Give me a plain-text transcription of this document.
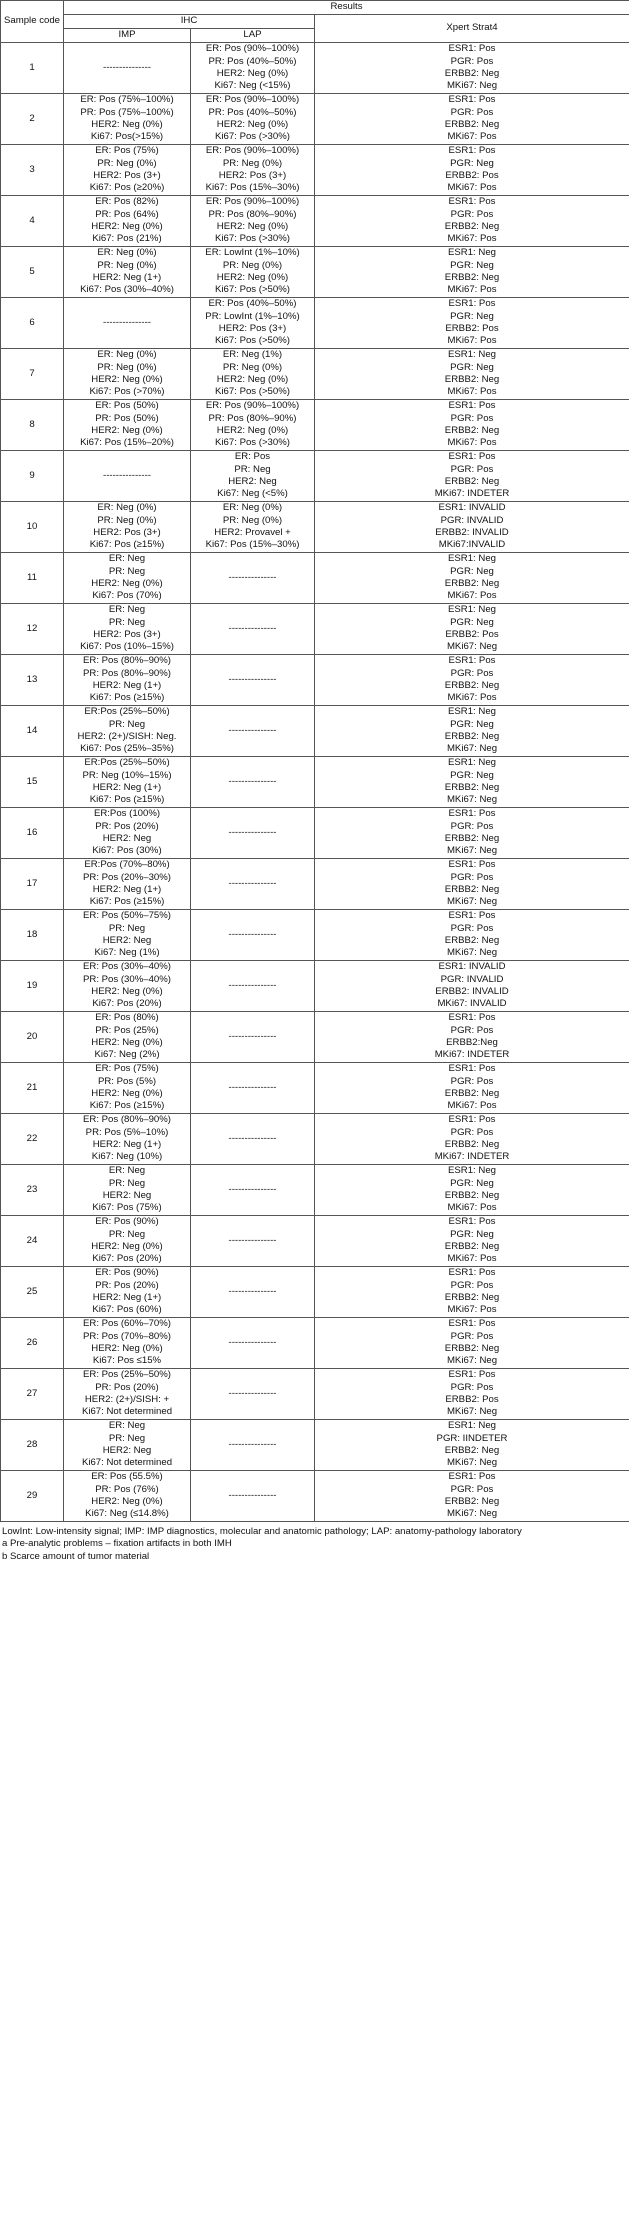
Sample code	Results		
	IHC		Xpert Strat4
	IMP	LAP	
1	---------------	ER: Pos (90%–100%)
PR: Pos (40%–50%)
HER2: Neg (0%)
Ki67: Neg (<15%)	ESR1: Pos
PGR: Pos
ERBB2: Neg
MKi67: Neg

2	ER: Pos (75%–100%)
PR: Pos (75%–100%)
HER2: Neg (0%)
Ki67: Pos(>15%)	ER: Pos (90%–100%)
PR: Pos (40%–50%)
HER2: Neg (0%)
Ki67: Pos (>30%)	ESR1: Pos
PGR: Pos
ERBB2: Neg
MKi67: Pos

3	ER: Pos (75%)
PR: Neg (0%)
HER2: Pos (3+)
Ki67: Pos (≥20%)	ER: Pos (90%–100%)
PR: Neg (0%)
HER2: Pos (3+)
Ki67: Pos (15%–30%)	ESR1: Pos
PGR: Neg
ERBB2: Pos
MKi67: Pos

4	ER: Pos (82%)
PR: Pos (64%)
HER2: Neg (0%)
Ki67: Pos (21%)	ER: Pos (90%–100%)
PR: Pos (80%–90%)
HER2: Neg (0%)
Ki67: Pos (>30%)	ESR1: Pos
PGR: Pos
ERBB2: Neg
MKi67: Pos

5	ER: Neg (0%)
PR: Neg (0%)
HER2: Neg (1+)
Ki67: Pos (30%–40%)	ER: LowInt (1%–10%)
PR: Neg (0%)
HER2: Neg (0%)
Ki67: Pos (>50%)	ESR1: Neg
PGR: Neg
ERBB2: Neg
MKi67: Pos

6	---------------	ER: Pos (40%–50%)
PR: LowInt (1%–10%)
HER2: Pos (3+)
Ki67: Pos (>50%)	ESR1: Pos
PGR: Neg
ERBB2: Pos
MKi67: Pos

7	ER: Neg (0%)
PR: Neg (0%)
HER2: Neg (0%)
Ki67: Pos (>70%)	ER: Neg (1%)
PR: Neg (0%)
HER2: Neg (0%)
Ki67: Pos (>50%)	ESR1: Neg
PGR: Neg
ERBB2: Neg
MKi67: Pos

8	ER: Pos (50%)
PR: Pos (50%)
HER2: Neg (0%)
Ki67: Pos (15%–20%)	ER: Pos (90%–100%)
PR: Pos (80%–90%)
HER2: Neg (0%)
Ki67: Pos (>30%)	ESR1: Pos
PGR: Pos
ERBB2: Neg
MKi67: Pos

9	---------------	ER: Pos
PR: Neg
HER2: Neg
Ki67: Neg (<5%)	ESR1: Pos
PGR: Pos
ERBB2: Neg
MKi67: INDETER

10	ER: Neg (0%)
PR: Neg (0%)
HER2: Pos (3+)
Ki67: Pos (≥15%)	ER: Neg (0%)
PR: Neg (0%)
HER2: Provavel +
Ki67: Pos (15%–30%)	ESR1: INVALID
PGR: INVALID
ERBB2: INVALID
MKi67:INVALID

11	ER: Neg
PR: Neg
HER2: Neg (0%)
Ki67: Pos (70%)	---------------	ESR1: Neg
PGR: Neg
ERBB2: Neg
MKi67: Pos

12	ER: Neg
PR: Neg
HER2: Pos (3+)
Ki67: Pos (10%–15%)	---------------	ESR1: Neg
PGR: Neg
ERBB2: Pos
MKi67: Neg

13	ER: Pos (80%–90%)
PR: Pos (80%–90%)
HER2: Neg (1+)
Ki67: Pos (≥15%)	---------------	ESR1: Pos
PGR: Pos
ERBB2: Neg
MKi67: Pos

14	ER:Pos (25%–50%)
PR: Neg
HER2: (2+)/SISH: Neg.
Ki67: Pos (25%–35%)	---------------	ESR1: Neg
PGR: Neg
ERBB2: Neg
MKi67: Neg

15	ER:Pos (25%–50%)
PR: Neg (10%–15%)
HER2: Neg (1+)
Ki67: Pos (≥15%)	---------------	ESR1: Neg
PGR: Neg
ERBB2: Neg
MKi67: Neg

16	ER:Pos (100%)
PR: Pos (20%)
HER2: Neg
Ki67: Pos (30%)	---------------	ESR1: Pos
PGR: Pos
ERBB2: Neg
MKi67: Neg

17	ER:Pos (70%–80%)
PR: Pos (20%–30%)
HER2: Neg (1+)
Ki67: Pos (≥15%)	---------------	ESR1: Pos
PGR: Pos
ERBB2: Neg
MKi67: Neg

18	ER: Pos (50%–75%)
PR: Neg
HER2: Neg
Ki67: Neg (1%)	---------------	ESR1: Pos
PGR: Pos
ERBB2: Neg
MKi67: Neg

19	ER: Pos (30%–40%)
PR: Pos (30%–40%)
HER2: Neg (0%)
Ki67: Pos (20%)	---------------	ESR1: INVALID
PGR: INVALID
ERBB2: INVALID
MKi67: INVALID

20	ER: Pos (80%)
PR: Pos (25%)
HER2: Neg (0%)
Ki67: Neg (2%)	---------------	ESR1: Pos
PGR: Pos
ERBB2:Neg
MKi67: INDETER

21	ER: Pos (75%)
PR: Pos (5%)
HER2: Neg (0%)
Ki67: Pos (≥15%)	---------------	ESR1: Pos
PGR: Pos
ERBB2: Neg
MKi67: Pos

22	ER: Pos (80%–90%)
PR: Pos (5%–10%)
HER2: Neg (1+)
Ki67: Neg (10%)	---------------	ESR1: Pos
PGR: Pos
ERBB2: Neg
MKi67: INDETER

23	ER: Neg
PR: Neg
HER2: Neg
Ki67: Pos (75%)	---------------	ESR1: Neg
PGR: Neg
ERBB2: Neg
MKi67: Pos

24	ER: Pos (90%)
PR: Neg
HER2: Neg (0%)
Ki67: Pos (20%)	---------------	ESR1: Pos
PGR: Neg
ERBB2: Neg
MKi67: Pos

25	ER: Pos (90%)
PR: Pos (20%)
HER2: Neg (1+)
Ki67: Pos (60%)	---------------	ESR1: Pos
PGR: Pos
ERBB2: Neg
MKi67: Pos

26	ER: Pos (60%–70%)
PR: Pos (70%–80%)
HER2: Neg (0%)
Ki67: Pos ≤15%	---------------	ESR1: Pos
PGR: Pos
ERBB2: Neg
MKi67: Neg

27	ER: Pos (25%–50%)
PR: Pos (20%)
HER2: (2+)/SISH: +
Ki67: Not determined	---------------	ESR1: Pos
PGR: Pos
ERBB2: Pos
MKi67: Neg

28	ER: Neg
PR: Neg
HER2: Neg
Ki67: Not determined	---------------	ESR1: Neg
PGR: IINDETER
ERBB2: Neg
MKi67: Neg

29	ER: Pos (55.5%)
PR: Pos (76%)
HER2: Neg (0%)
Ki67: Neg (≤14.8%)	---------------	ESR1: Pos
PGR: Pos
ERBB2: Neg
MKi67: Neg
LowInt: Low-intensity signal; IMP: IMP diagnostics, molecular and anatomic pathology; LAP: anatomy-pathology laboratory
a Pre-analytic problems – fixation artifacts in both IMH
b Scarce amount of tumor material
